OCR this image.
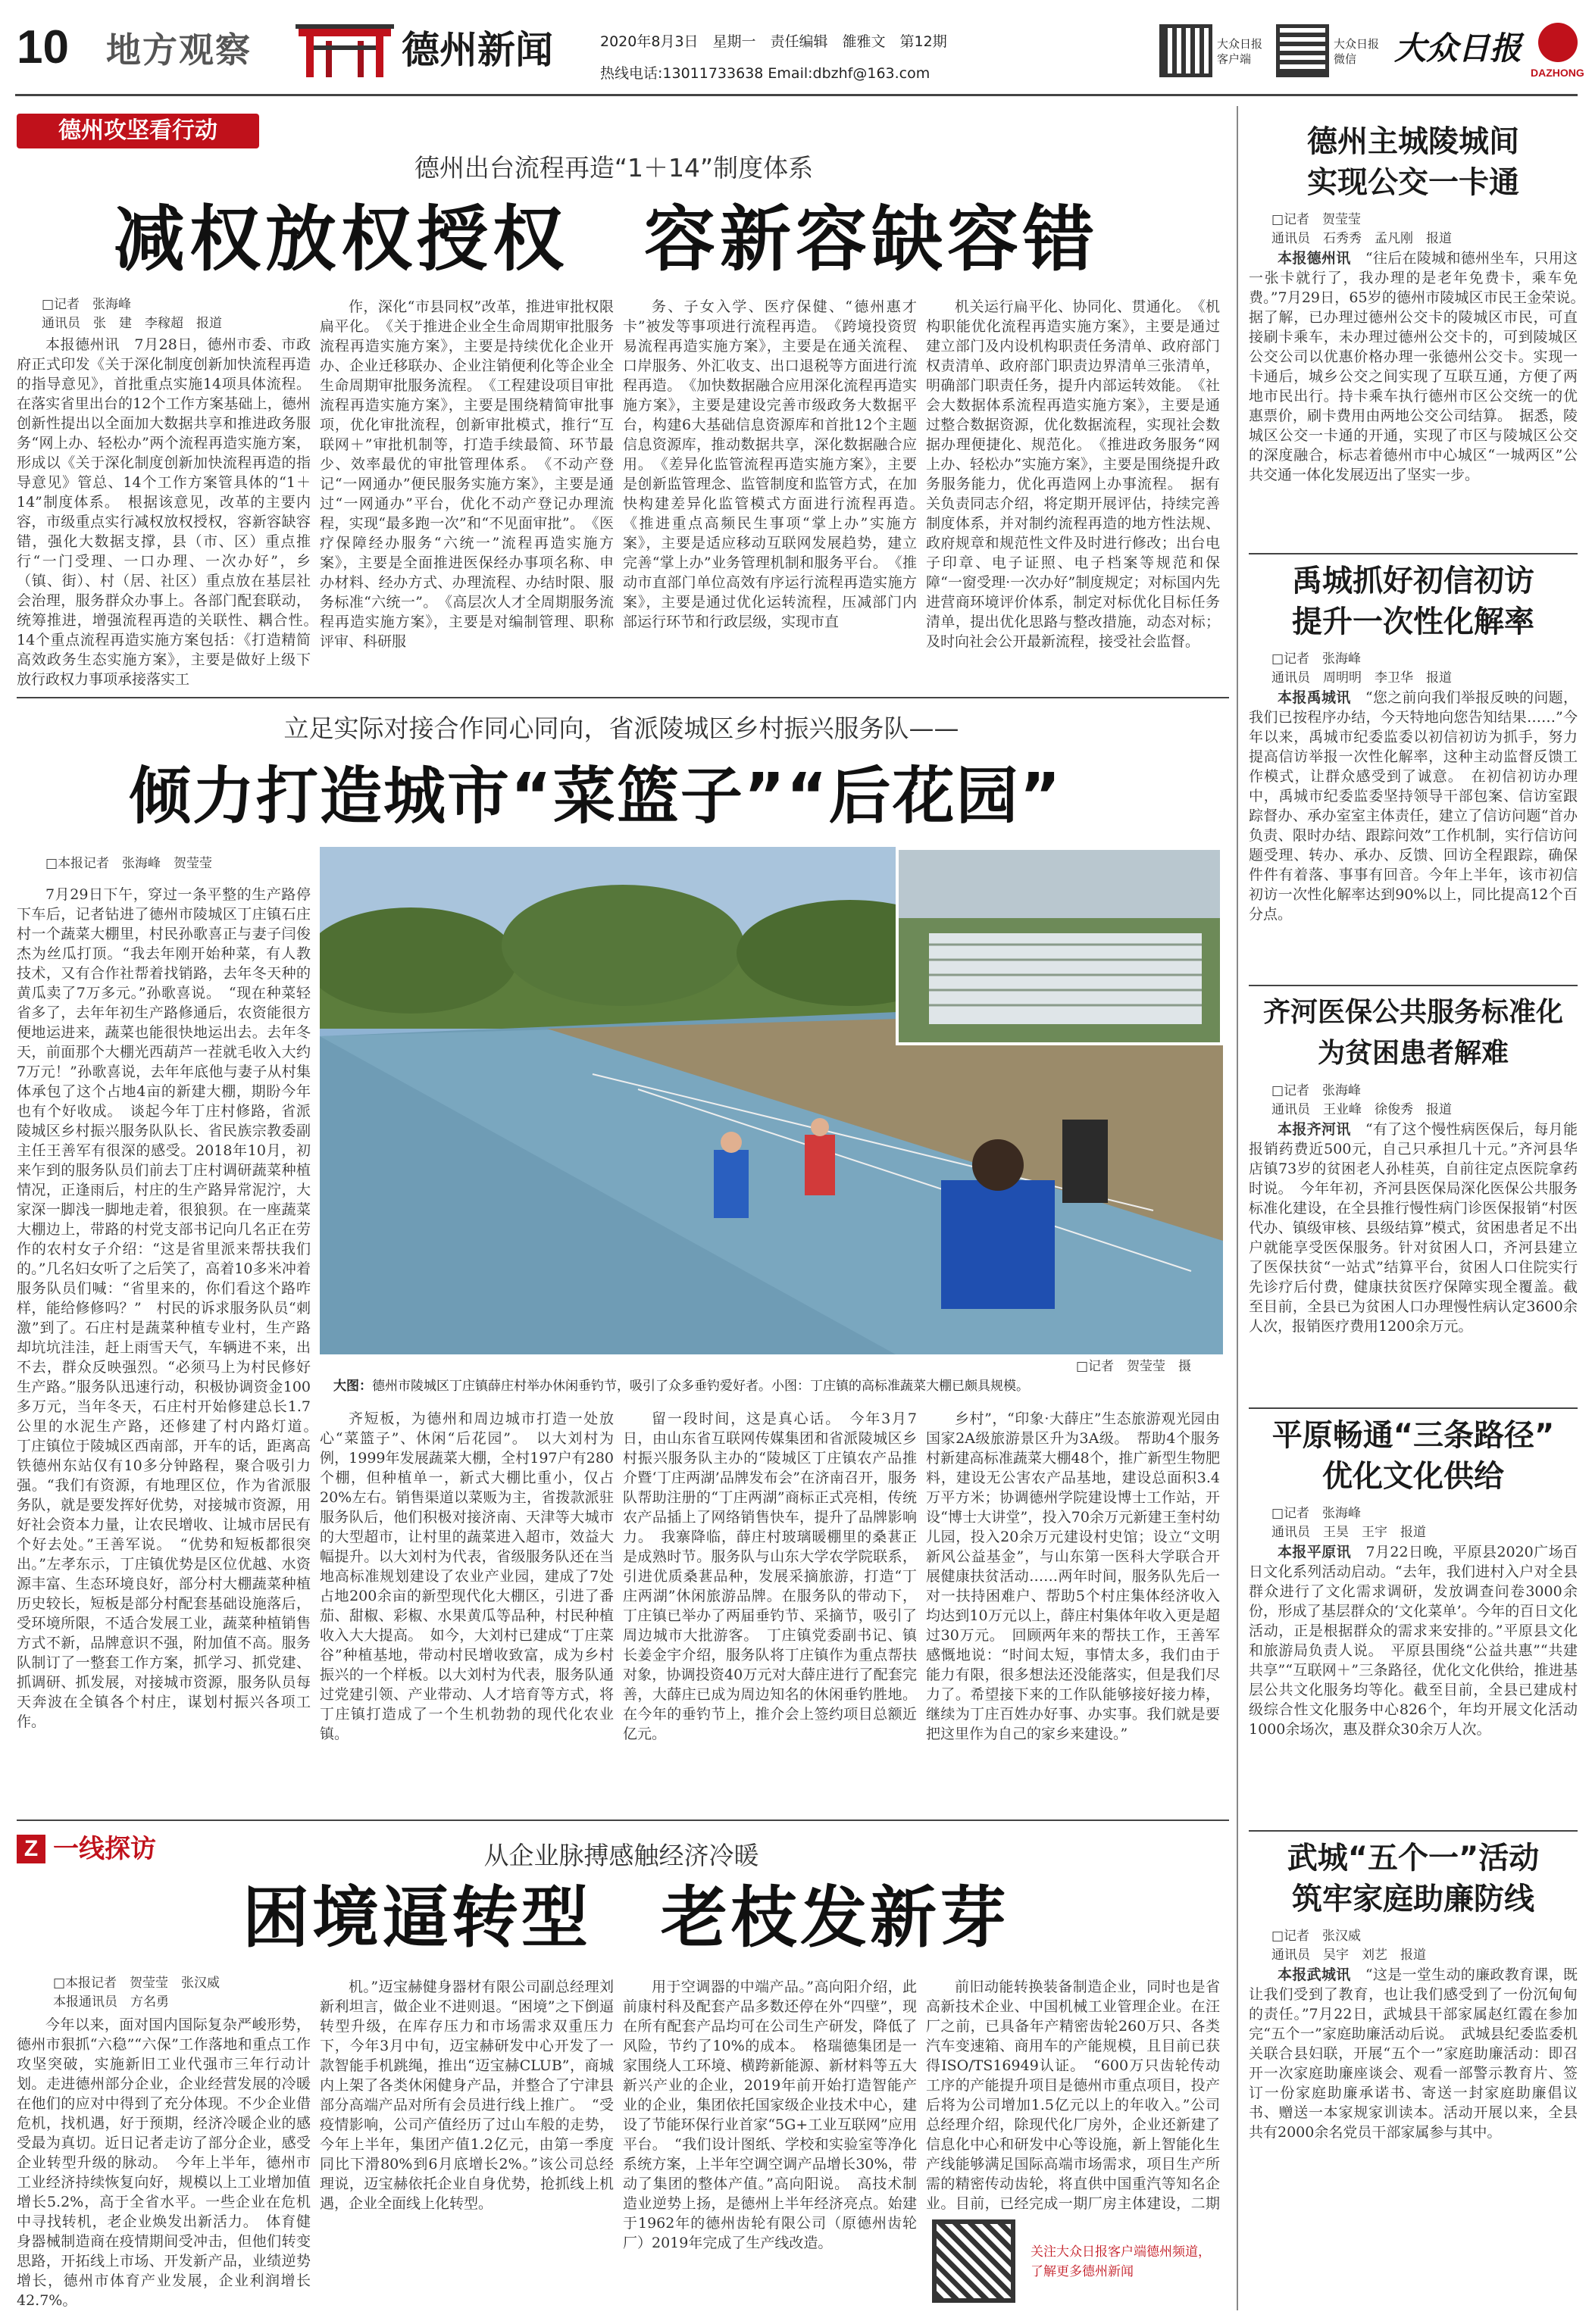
10 地方观察	德州新闻	2020年8月3日　星期一　责任编辑　雒雅文　第12期
热线电话:13011733638 Email:dbzhf@163.com
大众日报客户端
大众日报微信	大众日报
DAZHONG
德州攻坚看行动
德州出台流程再造“1＋14”制度体系
减权放权授权　容新容缺容错
□记者　张海峰
通讯员　张　建　李稼超　报道
本报德州讯　7月28日，德州市委、市政府正式印发《关于深化制度创新加快流程再造的指导意见》，首批重点实施14项具体流程。在落实省里出台的12个工作方案基础上，德州创新性提出以全面加大数据共享和推进政务服务“网上办、轻松办”两个流程再造实施方案，形成以《关于深化制度创新加快流程再造的指导意见》管总、14个工作方案管具体的“1＋14”制度体系。　根据该意见，改革的主要内容，市级重点实行减权放权授权，容新容缺容错，强化大数据支撑，县（市、区）重点推行“一门受理、一口办理、一次办好”，乡（镇、街）、村（居、社区）重点放在基层社会治理，服务群众办事上。各部门配套联动，统筹推进，增强流程再造的关联性、耦合性。　14个重点流程再造实施方案包括：《打造精简高效政务生态实施方案》，主要是做好上级下放行政权力事项承接落实工
作，深化“市县同权”改革，推进审批权限扁平化。　《关于推进企业全生命周期审批服务流程再造实施方案》，主要是持续优化企业开办、企业迁移联办、企业注销便利化等企业全生命周期审批服务流程。　《工程建设项目审批流程再造实施方案》，主要是围绕精简审批事项，优化审批流程，创新审批模式，推行“互联网＋”审批机制等，打造手续最简、环节最少、效率最优的审批管理体系。　《不动产登记“一网通办”便民服务实施方案》，主要是通过“一网通办”平台，优化不动产登记办理流程，实现“最多跑一次”和“不见面审批”。　《医疗保障经办服务“六统一”流程再造实施方案》，主要是全面推进医保经办事项名称、申办材料、经办方式、办理流程、办结时限、服务标准“六统一”。　《高层次人才全周期服务流程再造实施方案》，主要是对编制管理、职称评审、科研服
务、子女入学、医疗保健、“德州惠才卡”被发等事项进行流程再造。　《跨境投资贸易流程再造实施方案》，主要是在通关流程、口岸服务、外汇收支、出口退税等方面进行流程再造。　《加快数据融合应用深化流程再造实施方案》，主要是建设完善市级政务大数据平台，构建6大基础信息资源库和首批12个主题信息资源库，推动数据共享，深化数据融合应用。　《差异化监管流程再造实施方案》，主要是创新监管理念、监管制度和监管方式，在加快构建差异化监管模式方面进行流程再造。　《推进重点高频民生事项“掌上办”实施方案》，主要是适应移动互联网发展趋势，建立完善“掌上办”业务管理机制和服务平台。　《推动市直部门单位高效有序运行流程再造实施方案》，主要是通过优化运转流程，压减部门内部运行环节和行政层级，实现市直
机关运行扁平化、协同化、贯通化。　《机构职能优化流程再造实施方案》，主要是通过建立部门及内设机构职责任务清单、政府部门权责清单、政府部门职责边界清单三张清单，明确部门职责任务，提升内部运转效能。　《社会大数据体系流程再造实施方案》，主要是通过整合数据资源，优化数据流程，实现社会数据办理便捷化、规范化。　《推进政务服务“网上办、轻松办”实施方案》，主要是围绕提升政务服务能力，优化再造网上办事流程。　据有关负责同志介绍，将定期开展评估，持续完善制度体系，并对制约流程再造的地方性法规、政府规章和规范性文件及时进行修改；出台电子印章、电子证照、电子档案等规范和保障“一窗受理·一次办好”制度规定；对标国内先进营商环境评价体系，制定对标优化目标任务清单，提出优化思路与整改措施，动态对标；及时向社会公开最新流程，接受社会监督。
立足实际对接合作同心同向，省派陵城区乡村振兴服务队——
倾力打造城市“菜篮子”“后花园”
□本报记者　张海峰　贺莹莹
7月29日下午，穿过一条平整的生产路停下车后，记者钻进了德州市陵城区丁庄镇石庄村一个蔬菜大棚里，村民孙歌喜正与妻子闫俊杰为丝瓜打顶。“我去年刚开始种菜，有人教技术，又有合作社帮着找销路，去年冬天种的黄瓜卖了7万多元。”孙歌喜说。　“现在种菜轻省多了，去年年初生产路修通后，农资能很方便地运进来，蔬菜也能很快地运出去。去年冬天，前面那个大棚光西葫芦一茬就毛收入大约7万元！”孙歌喜说，去年年底他与妻子从村集体承包了这个占地4亩的新建大棚，期盼今年也有个好收成。　谈起今年丁庄村修路，省派陵城区乡村振兴服务队队长、省民族宗教委副主任王善军有很深的感受。2018年10月，初来乍到的服务队员们前去丁庄村调研蔬菜种植情况，正逢雨后，村庄的生产路异常泥泞，大家深一脚浅一脚地走着，很狼狈。在一座蔬菜大棚边上，带路的村党支部书记向几名正在劳作的农村女子介绍：“这是省里派来帮扶我们的。”几名妇女听了之后笑了，高着10多米冲着服务队员们喊：“省里来的，你们看这个路咋样，能给修修吗？”　村民的诉求服务队员“刺激”到了。石庄村是蔬菜种植专业村，生产路却坑坑洼洼，赶上雨雪天气，车辆进不来，出不去，群众反映强烈。“必须马上为村民修好生产路。”服务队迅速行动，积极协调资金100多万元，当年冬天，石庄村开始修建总长1.7公里的水泥生产路，还修建了村内路灯道。　丁庄镇位于陵城区西南部，开车的话，距离高铁德州东站仅有10多分钟路程，聚合吸引力强。“我们有资源，有地理区位，作为省派服务队，就是要发挥好优势，对接城市资源，用好社会资本力量，让农民增收、让城市居民有个好去处。”王善军说。　“优势和短板都很突出。”左孝东示，丁庄镇优势是区位优越、水资源丰富、生态环境良好，部分村大棚蔬菜种植历史较长，短板是部分村配套基础设施落后，受环境所限，不适合发展工业，蔬菜种植销售方式不新，品牌意识不强，附加值不高。服务队制订了一整套工作方案，抓学习、抓党建、抓调研、抓发展，对接城市资源，服务队员每天奔波在全镇各个村庄，谋划村振兴各项工作。
□记者　贺莹莹　摄
大图：德州市陵城区丁庄镇薛庄村举办休闲垂钓节，吸引了众多垂钓爱好者。小图：丁庄镇的高标准蔬菜大棚已颇具规模。
齐短板，为德州和周边城市打造一处放心“菜篮子”、休闲“后花园”。　以大刘村为例，1999年发展蔬菜大棚，全村197户有280个棚，但种植单一，新式大棚比重小，仅占20%左右。销售渠道以菜贩为主，省拨款派驻服务队后，他们积极对接济南、天津等大城市的大型超市，让村里的蔬菜进入超市，效益大幅提升。以大刘村为代表，省级服务队还在当地高标准规划建设了农业产业园，建成了7处占地200余亩的新型现代化大棚区，引进了番茄、甜椒、彩椒、水果黄瓜等品种，村民种植收入大大提高。　如今，大刘村已建成“丁庄菜谷”种植基地，带动村民增收致富，成为乡村振兴的一个样板。以大刘村为代表，服务队通过党建引领、产业带动、人才培育等方式，将丁庄镇打造成了一个生机勃勃的现代化农业镇。
留一段时间，这是真心话。　今年3月7日，由山东省互联网传媒集团和省派陵城区乡村振兴服务队主办的“陵城区丁庄镇农产品推介暨‘丁庄两湖’品牌发布会”在济南召开，服务队帮助注册的“丁庄两湖”商标正式亮相，传统农产品插上了网络销售快车，提升了品牌影响力。　我寨降临，薛庄村玻璃暖棚里的桑葚正是成熟时节。服务队与山东大学农学院联系，引进优质桑葚品种，发展采摘旅游，打造“丁庄两湖”休闲旅游品牌。在服务队的带动下，丁庄镇已举办了两届垂钓节、采摘节，吸引了周边城市大批游客。　丁庄镇党委副书记、镇长姜金宇介绍，服务队将丁庄镇作为重点帮扶对象，协调投资40万元对大薛庄进行了配套完善，大薛庄已成为周边知名的休闲垂钓胜地。在今年的垂钓节上，推介会上签约项目总额近亿元。
乡村”，“印象·大薛庄”生态旅游观光园由国家2A级旅游景区升为3A级。　帮助4个服务村新建高标准蔬菜大棚48个，推广新型生物肥料，建设无公害农产品基地，建设总面积3.4万平方米；协调德州学院建设博士工作站，开设“博士大讲堂”，投入70余万元新建王奎村幼儿园，投入20余万元建设村史馆；设立“文明新风公益基金”，与山东第一医科大学联合开展健康扶贫活动……两年时间，服务队先后一对一扶持困难户、帮助5个村庄集体经济收入均达到10万元以上，薛庄村集体年收入更是超过30万元。　回顾两年来的帮扶工作，王善军感慨地说：“时间太短，事情太多，我们由于能力有限，很多想法还没能落实，但是我们尽力了。希望接下来的工作队能够接好接力棒，继续为丁庄百姓办好事、办实事。我们就是要把这里作为自己的家乡来建设。”
Z 一线探访	从企业脉搏感触经济冷暖
困境逼转型　老枝发新芽
□本报记者　贺莹莹　张汉威
本报通讯员　方名勇
今年以来，面对国内国际复杂严峻形势，德州市狠抓“六稳”“六保”工作落地和重点工作攻坚突破，实施新旧工业代强市三年行动计划。走进德州部分企业，企业经营发展的冷暖在他们的应对中得到了充分体现。不少企业借危机，找机遇，好于预期，经济冷暖企业的感受最为真切。近日记者走访了部分企业，感受企业转型升级的脉动。　今年上半年，德州市工业经济持续恢复向好，规模以上工业增加值增长5.2%，高于全省水平。一些企业在危机中寻找转机，老企业焕发出新活力。　体育健身器械制造商在疫情期间受冲击，但他们转变思路，开拓线上市场、开发新产品，业绩逆势增长，德州市体育产业发展，企业利润增长42.7%。
机。”迈宝赫健身器材有限公司副总经理刘新利坦言，做企业不进则退。“困境”之下倒逼转型升级，在库存压力和市场需求双重压力下，今年3月中旬，迈宝赫研发中心开发了一款智能手机跳绳，推出“迈宝赫CLUB”，商城内上架了各类休闲健身产品，并整合了宁津县部分高端产品对所有会员进行线上推广。　“受疫情影响，公司产值经历了过山车般的走势，今年上半年，集团产值1.2亿元，由第一季度同比下滑80%到6月底增长2%。”该公司总经理说，迈宝赫依托企业自身优势，抢抓线上机遇，企业全面线上化转型。
用于空调器的中端产品。”高向阳介绍，此前康村科及配套产品多数还停在外“四壁”，现在所有配套产品均可在公司生产研发，降低了风险，节约了10%的成本。　格瑞德集团是一家围绕人工环境、横跨新能源、新材料等五大新兴产业的企业，2019年前开始打造智能产业的企业，集团依托国家级企业技术中心，建设了节能环保行业首家“5G+工业互联网”应用平台。　“我们设计图纸、学校和实验室等净化系统方案，上半年空调空调产品增长30%，带动了集团的整体产值。”高向阳说。　高技术制造业逆势上扬，是德州上半年经济亮点。始建于1962年的德州齿轮有限公司（原德州齿轮厂）2019年完成了生产线改造。
前旧动能转换装备制造企业，同时也是省高新技术企业、中国机械工业管理企业。在汪厂之前，已具备年产精密齿轮260万只、各类汽车变速箱、商用车的产能规模，且目前已获得ISO/TS16949认证。　“600万只齿轮传动工序的产能提升项目是德州市重点项目，投产后将为公司增加1.5亿元以上的年收入。”公司总经理介绍，除现代化厂房外，企业还新建了信息化中心和研发中心等设施，新上智能化生产线能够满足国际高端市场需求，项目生产所需的精密传动齿轮，将直供中国重汽等知名企业。目前，已经完成一期厂房主体建设，二期
关注大众日报客户端德州频道，了解更多德州新闻
德州主城陵城间
实现公交一卡通
□记者　贺莹莹
通讯员　石秀秀　孟凡刚　报道
本报德州讯　 “往后在陵城和德州坐车，只用这一张卡就行了，我办理的是老年免费卡，乘车免费。”7月29日，65岁的德州市陵城区市民王金荣说。　据了解，已办理过德州公交卡的陵城区市民，可直接刷卡乘车，未办理过德州公交卡的，可到陵城区公交公司以优惠价格办理一张德州公交卡。实现一卡通后，城乡公交之间实现了互联互通，方便了两地市民出行。持卡乘车执行德州市区公交统一的优惠票价，刷卡费用由两地公交公司结算。　据悉，陵城区公交一卡通的开通，实现了市区与陵城区公交的深度融合，标志着德州市中心城区“一城两区”公共交通一体化发展迈出了坚实一步。
禹城抓好初信初访
提升一次性化解率
□记者　张海峰
通讯员　周明明　李卫华　报道
本报禹城讯　 “您之前向我们举报反映的问题，我们已按程序办结，今天特地向您告知结果……”今年以来，禹城市纪委监委以初信初访为抓手，努力提高信访举报一次性化解率，这种主动监督反馈工作模式，让群众感受到了诚意。　在初信初访办理中，禹城市纪委监委坚持领导干部包案、信访室跟踪督办、承办室室主体责任，建立了信访问题“首办负责、限时办结、跟踪问效”工作机制，实行信访问题受理、转办、承办、反馈、回访全程跟踪，确保件件有着落、事事有回音。今年上半年，该市初信初访一次性化解率达到90%以上，同比提高12个百分点。
齐河医保公共服务标准化
为贫困患者解难
□记者　张海峰
通讯员　王业峰　徐俊秀　报道
本报齐河讯　 “有了这个慢性病医保后，每月能报销药费近500元，自己只承担几十元。”齐河县华店镇73岁的贫困老人孙桂英，自前往定点医院拿药时说。　今年年初，齐河县医保局深化医保公共服务标准化建设，在全县推行慢性病门诊医保报销“村医代办、镇级审核、县级结算”模式，贫困患者足不出户就能享受医保服务。针对贫困人口，齐河县建立了医保扶贫“一站式”结算平台，贫困人口住院实行先诊疗后付费，健康扶贫医疗保障实现全覆盖。截至目前，全县已为贫困人口办理慢性病认定3600余人次，报销医疗费用1200余万元。
平原畅通“三条路径”
优化文化供给
□记者　张海峰
通讯员　王昊　王宇　报道
本报平原讯　 7月22日晚，平原县2020广场百日文化系列活动启动。“去年，我们进村入户对全县群众进行了文化需求调研，发放调查问卷3000余份，形成了基层群众的‘文化菜单’。今年的百日文化活动，正是根据群众的需求来安排的。”平原县文化和旅游局负责人说。　平原县围绕“公益共惠”“共建共享”“互联网＋”三条路径，优化文化供给，推进基层公共文化服务均等化。截至目前，全县已建成村级综合性文化服务中心826个，年均开展文化活动1000余场次，惠及群众30余万人次。
武城“五个一”活动
筑牢家庭助廉防线
□记者　张汉威
通讯员　吴宇　刘艺　报道
本报武城讯　 “这是一堂生动的廉政教育课，既让我们受到了教育，也让我们感受到了一份沉甸甸的责任。”7月22日，武城县干部家属赵红霞在参加完“五个一”家庭助廉活动后说。　武城县纪委监委机关联合县妇联，开展“五个一”家庭助廉活动：即召开一次家庭助廉座谈会、观看一部警示教育片、签订一份家庭助廉承诺书、寄送一封家庭助廉倡议书、赠送一本家规家训读本。活动开展以来，全县共有2000余名党员干部家属参与其中。
